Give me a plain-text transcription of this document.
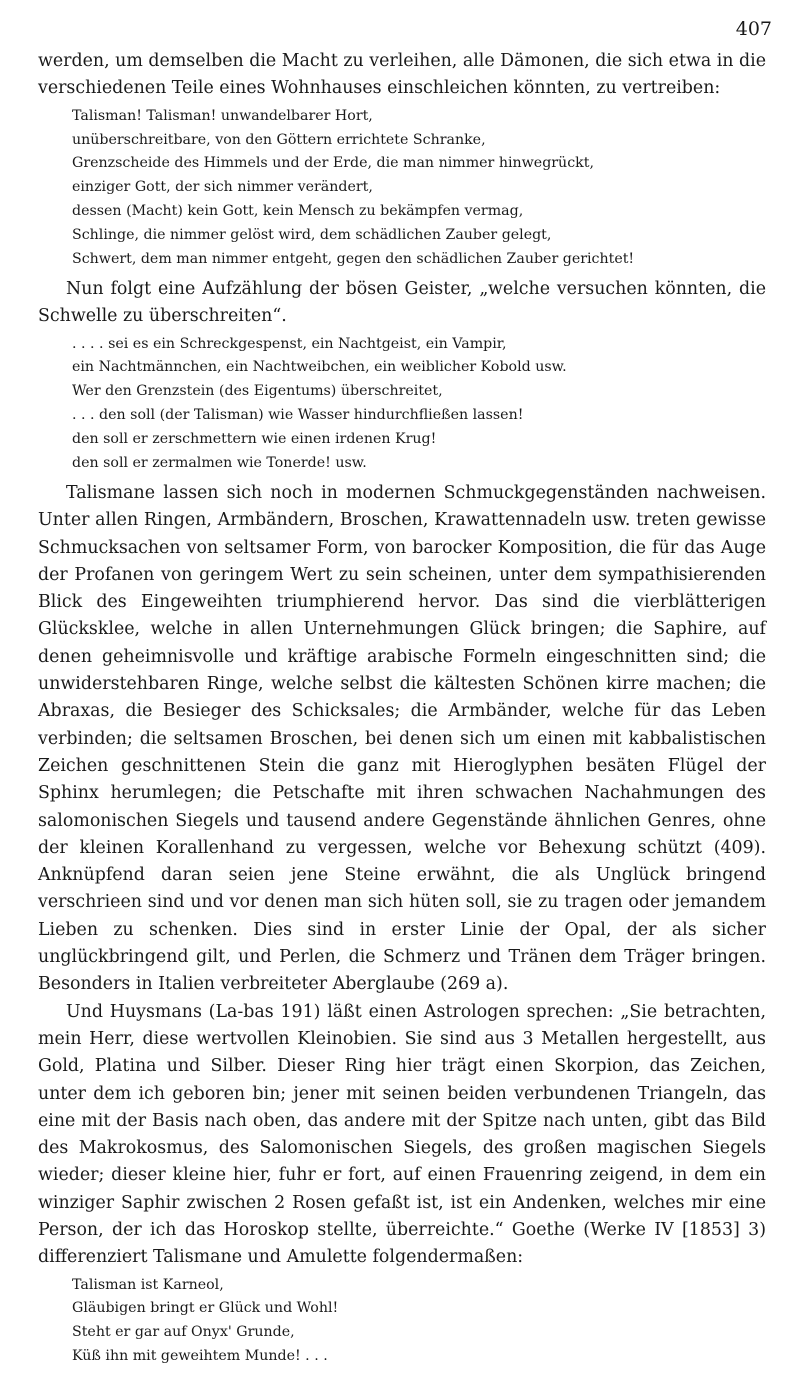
407

werden, um demselben die Macht zu verleihen, alle Dämonen, die sich etwa in die verschiedenen Teile eines Wohnhauses einschleichen könnten, zu vertreiben:

Talisman! Talisman! unwandelbarer Hort,
unüberschreitbare, von den Göttern errichtete Schranke,
Grenzscheide des Himmels und der Erde, die man nimmer hinwegrückt,
einziger Gott, der sich nimmer verändert,
dessen (Macht) kein Gott, kein Mensch zu bekämpfen vermag,
Schlinge, die nimmer gelöst wird, dem schädlichen Zauber gelegt,
Schwert, dem man nimmer entgeht, gegen den schädlichen Zauber gerichtet!

Nun folgt eine Aufzählung der bösen Geister, „welche versuchen könnten, die Schwelle zu überschreiten“.

. . . . sei es ein Schreckgespenst, ein Nachtgeist, ein Vampir,
ein Nachtmännchen, ein Nachtweibchen, ein weiblicher Kobold usw.
Wer den Grenzstein (des Eigentums) überschreitet,
. . . den soll (der Talisman) wie Wasser hindurchfließen lassen!
den soll er zerschmettern wie einen irdenen Krug!
den soll er zermalmen wie Tonerde! usw.

Talismane lassen sich noch in modernen Schmuckgegenständen nachweisen. Unter allen Ringen, Armbändern, Broschen, Krawattennadeln usw. treten gewisse Schmucksachen von seltsamer Form, von barocker Komposition, die für das Auge der Profanen von geringem Wert zu sein scheinen, unter dem sympathisierenden Blick des Eingeweihten triumphierend hervor. Das sind die vierblätterigen Glücksklee, welche in allen Unternehmungen Glück bringen; die Saphire, auf denen geheimnisvolle und kräftige arabische Formeln eingeschnitten sind; die unwiderstehbaren Ringe, welche selbst die kältesten Schönen kirre machen; die Abraxas, die Besieger des Schicksales; die Armbänder, welche für das Leben verbinden; die seltsamen Broschen, bei denen sich um einen mit kabbalistischen Zeichen geschnittenen Stein die ganz mit Hieroglyphen besäten Flügel der Sphinx herumlegen; die Petschafte mit ihren schwachen Nachahmungen des salomonischen Siegels und tausend andere Gegenstände ähnlichen Genres, ohne der kleinen Korallenhand zu vergessen, welche vor Behexung schützt (409). Anknüpfend daran seien jene Steine erwähnt, die als Unglück bringend verschrieen sind und vor denen man sich hüten soll, sie zu tragen oder jemandem Lieben zu schenken. Dies sind in erster Linie der Opal, der als sicher unglückbringend gilt, und Perlen, die Schmerz und Tränen dem Träger bringen. Besonders in Italien verbreiteter Aberglaube (269 a).

Und Huysmans (La-bas 191) läßt einen Astrologen sprechen: „Sie betrachten, mein Herr, diese wertvollen Kleinobien. Sie sind aus 3 Metallen hergestellt, aus Gold, Platina und Silber. Dieser Ring hier trägt einen Skorpion, das Zeichen, unter dem ich geboren bin; jener mit seinen beiden verbundenen Triangeln, das eine mit der Basis nach oben, das andere mit der Spitze nach unten, gibt das Bild des Makrokosmus, des Salomonischen Siegels, des großen magischen Siegels wieder; dieser kleine hier, fuhr er fort, auf einen Frauenring zeigend, in dem ein winziger Saphir zwischen 2 Rosen gefaßt ist, ist ein Andenken, welches mir eine Person, der ich das Horoskop stellte, überreichte.“ Goethe (Werke IV [1853] 3) differenziert Talismane und Amulette folgendermaßen:

Talisman ist Karneol,
Gläubigen bringt er Glück und Wohl!
Steht er gar auf Onyx' Grunde,
Küß ihn mit geweihtem Munde! . . .
